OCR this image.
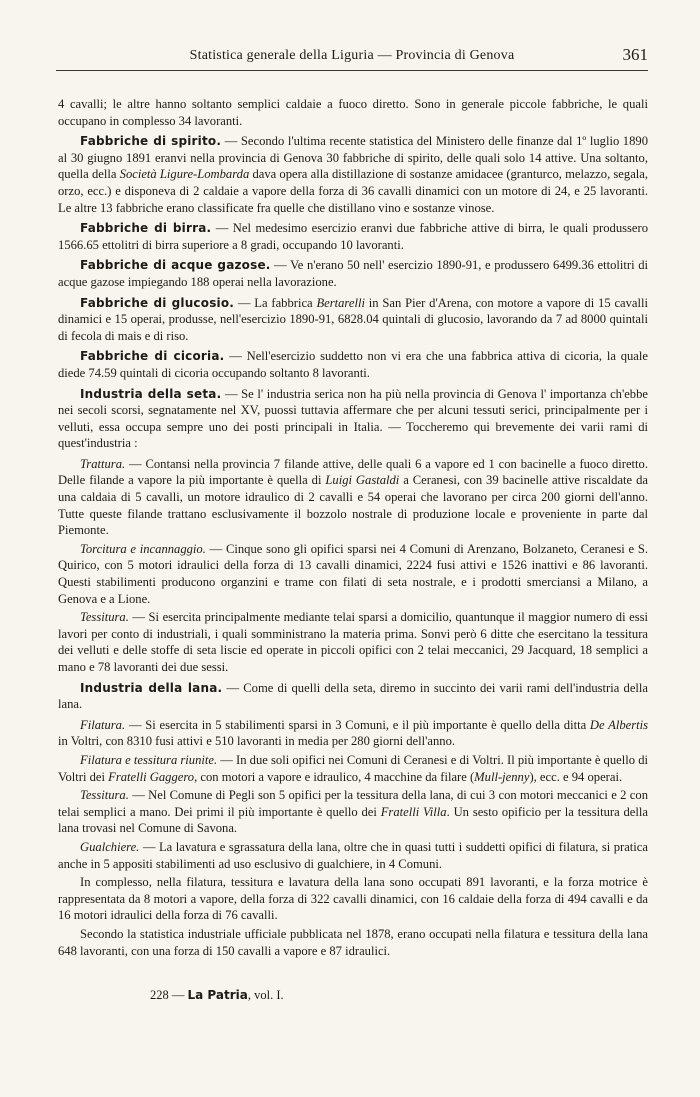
Statistica generale della Liguria — Provincia di Genova	361

4 cavalli; le altre hanno soltanto semplici caldaie a fuoco diretto. Sono in generale piccole fabbriche, le quali occupano in complesso 34 lavoranti.

Fabbriche di spirito. — Secondo l'ultima recente statistica del Ministero delle finanze dal 1º luglio 1890 al 30 giugno 1891 eranvi nella provincia di Genova 30 fabbriche di spirito, delle quali solo 14 attive. Una soltanto, quella della Società Ligure-Lombarda dava opera alla distillazione di sostanze amidacee (granturco, melazzo, segala, orzo, ecc.) e disponeva di 2 caldaie a vapore della forza di 36 cavalli dinamici con un motore di 24, e 25 lavoranti. Le altre 13 fabbriche erano classificate fra quelle che distillano vino e sostanze vinose.

Fabbriche di birra. — Nel medesimo esercizio eranvi due fabbriche attive di birra, le quali produssero 1566.65 ettolitri di birra superiore a 8 gradi, occupando 10 lavoranti.

Fabbriche di acque gazose. — Ve n'erano 50 nell' esercizio 1890-91, e produssero 6499.36 ettolitri di acque gazose impiegando 188 operai nella lavorazione.

Fabbriche di glucosio. — La fabbrica Bertarelli in San Pier d'Arena, con motore a vapore di 15 cavalli dinamici e 15 operai, produsse, nell'esercizio 1890-91, 6828.04 quintali di glucosio, lavorando da 7 ad 8000 quintali di fecola di mais e di riso.

Fabbriche di cicoria. — Nell'esercizio suddetto non vi era che una fabbrica attiva di cicoria, la quale diede 74.59 quintali di cicoria occupando soltanto 8 lavoranti.

Industria della seta. — Se l' industria serica non ha più nella provincia di Genova l' importanza ch'ebbe nei secoli scorsi, segnatamente nel XV, puossi tuttavia affermare che per alcuni tessuti serici, principalmente per i velluti, essa occupa sempre uno dei posti principali in Italia. — Toccheremo qui brevemente dei varii rami di quest'industria :

Trattura. — Contansi nella provincia 7 filande attive, delle quali 6 a vapore ed 1 con bacinelle a fuoco diretto. Delle filande a vapore la più importante è quella di Luigi Gastaldi a Ceranesi, con 39 bacinelle attive riscaldate da una caldaia di 5 cavalli, un motore idraulico di 2 cavalli e 54 operai che lavorano per circa 200 giorni dell'anno. Tutte queste filande trattano esclusivamente il bozzolo nostrale di produzione locale e proveniente in parte dal Piemonte.

Torcitura e incannaggio. — Cinque sono gli opifici sparsi nei 4 Comuni di Arenzano, Bolzaneto, Ceranesi e S. Quirico, con 5 motori idraulici della forza di 13 cavalli dinamici, 2224 fusi attivi e 1526 inattivi e 86 lavoranti. Questi stabilimenti producono organzini e trame con filati di seta nostrale, e i prodotti smerciansi a Milano, a Genova e a Lione.

Tessitura. — Si esercita principalmente mediante telai sparsi a domicilio, quantunque il maggior numero di essi lavori per conto di industriali, i quali somministrano la materia prima. Sonvi però 6 ditte che esercitano la tessitura dei velluti e delle stoffe di seta liscie ed operate in piccoli opifici con 2 telai meccanici, 29 Jacquard, 18 semplici a mano e 78 lavoranti dei due sessi.

Industria della lana. — Come di quelli della seta, diremo in succinto dei varii rami dell'industria della lana.

Filatura. — Si esercita in 5 stabilimenti sparsi in 3 Comuni, e il più importante è quello della ditta De Albertis in Voltri, con 8310 fusi attivi e 510 lavoranti in media per 280 giorni dell'anno.

Filatura e tessitura riunite. — In due soli opifici nei Comuni di Ceranesi e di Voltri. Il più importante è quello di Voltri dei Fratelli Gaggero, con motori a vapore e idraulico, 4 macchine da filare (Mull-jenny), ecc. e 94 operai.

Tessitura. — Nel Comune di Pegli son 5 opifici per la tessitura della lana, di cui 3 con motori meccanici e 2 con telai semplici a mano. Dei primi il più importante è quello dei Fratelli Villa. Un sesto opificio per la tessitura della lana trovasi nel Comune di Savona.

Gualchiere. — La lavatura e sgrassatura della lana, oltre che in quasi tutti i suddetti opifici di filatura, si pratica anche in 5 appositi stabilimenti ad uso esclusivo di gualchiere, in 4 Comuni.

In complesso, nella filatura, tessitura e lavatura della lana sono occupati 891 lavoranti, e la forza motrice è rappresentata da 8 motori a vapore, della forza di 322 cavalli dinamici, con 16 caldaie della forza di 494 cavalli e da 16 motori idraulici della forza di 76 cavalli.

Secondo la statistica industriale ufficiale pubblicata nel 1878, erano occupati nella filatura e tessitura della lana 648 lavoranti, con una forza di 150 cavalli a vapore e 87 idraulici.

228 — La Patria, vol. I.
